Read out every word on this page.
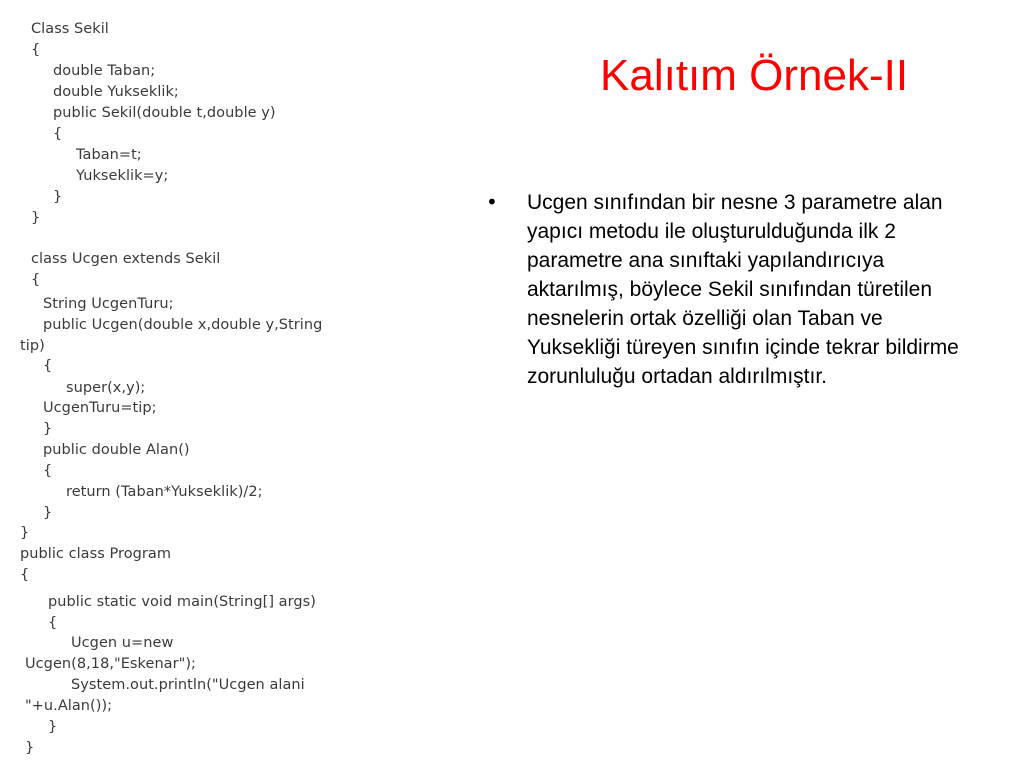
Class Sekil
{
double Taban;
double Yukseklik;
public Sekil(double t,double y)
{
Taban=t;
Yukseklik=y;
}
}
class Ucgen extends Sekil
{
String UcgenTuru;
public Ucgen(double x,double y,String
tip)
{
super(x,y);
UcgenTuru=tip;
}
public double Alan()
{
return (Taban*Yukseklik)/2;
}
}
public class Program
{
public static void main(String[] args)
{
Ucgen u=new
Ucgen(8,18,"Eskenar");
System.out.println("Ucgen alani
"+u.Alan());
}
}
Kalıtım Örnek-II

• Ucgen sınıfından bir nesne 3 parametre alan yapıcı metodu ile oluşturulduğunda ilk 2 parametre ana sınıftaki yapılandırıcıya aktarılmış, böylece Sekil sınıfından türetilen nesnelerin ortak özelliği olan Taban ve Yuksekliği türeyen sınıfın içinde tekrar bildirme zorunluluğu ortadan aldırılmıştır.
